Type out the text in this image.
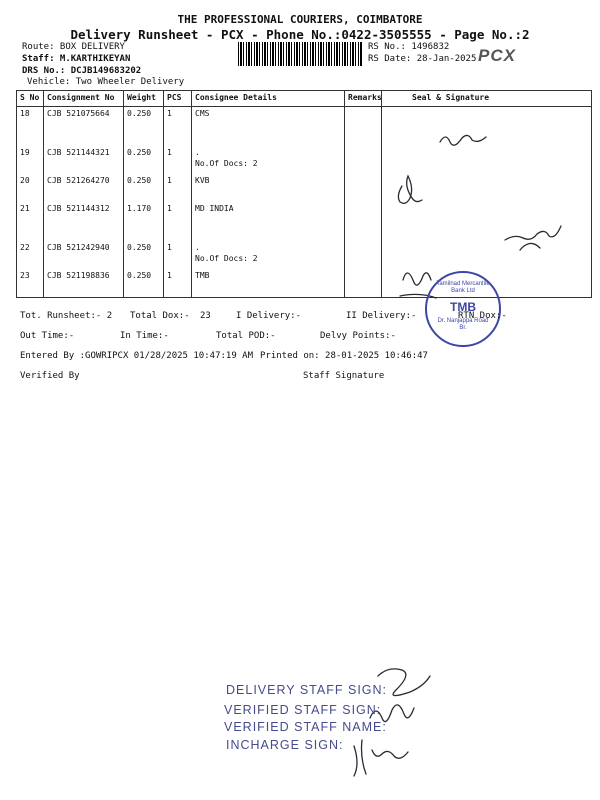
THE PROFESSIONAL COURIERS, COIMBATORE
Delivery Runsheet - PCX - Phone No.:0422-3505555 - Page No.:2
Route: BOX DELIVERY
Staff: M.KARTHIKEYAN
DRS No.: DCJB149683202
Vehicle: Two Wheeler Delivery
RS No.: 1496832
RS Date: 28-Jan-2025 PCX
S No	Consignment No	Weight	PCS	Consignee Details	Remarks	Seal & Signature
18	CJB 521075664	0.250	1	CMS		
19	CJB 521144321	0.250	1	.
No.Of Docs: 2		

20	CJB 521264270	0.250	1	KVB		
21	CJB 521144312	1.170	1	MD INDIA		
22	CJB 521242940	0.250	1	.
No.Of Docs: 2		

23	CJB 521198836	0.250	1	TMB		
Tamilnad Mercantile Bank Ltd
TMB
Dr. Nanjappa Road Br.
Tot. Runsheet:- 2 Total Dox:- 23	I Delivery:-	II Delivery:-	RTN Dox:-
Out Time:-	In Time:-	Total POD:-	Delvy Points:-
Entered By :GOWRIPCX 01/28/2025 10:47:19 AM Printed on: 28-01-2025 10:46:47
Verified By	Staff Signature
DELIVERY STAFF SIGN:
VERIFIED STAFF SIGN:
VERIFIED STAFF NAME:
INCHARGE SIGN:
